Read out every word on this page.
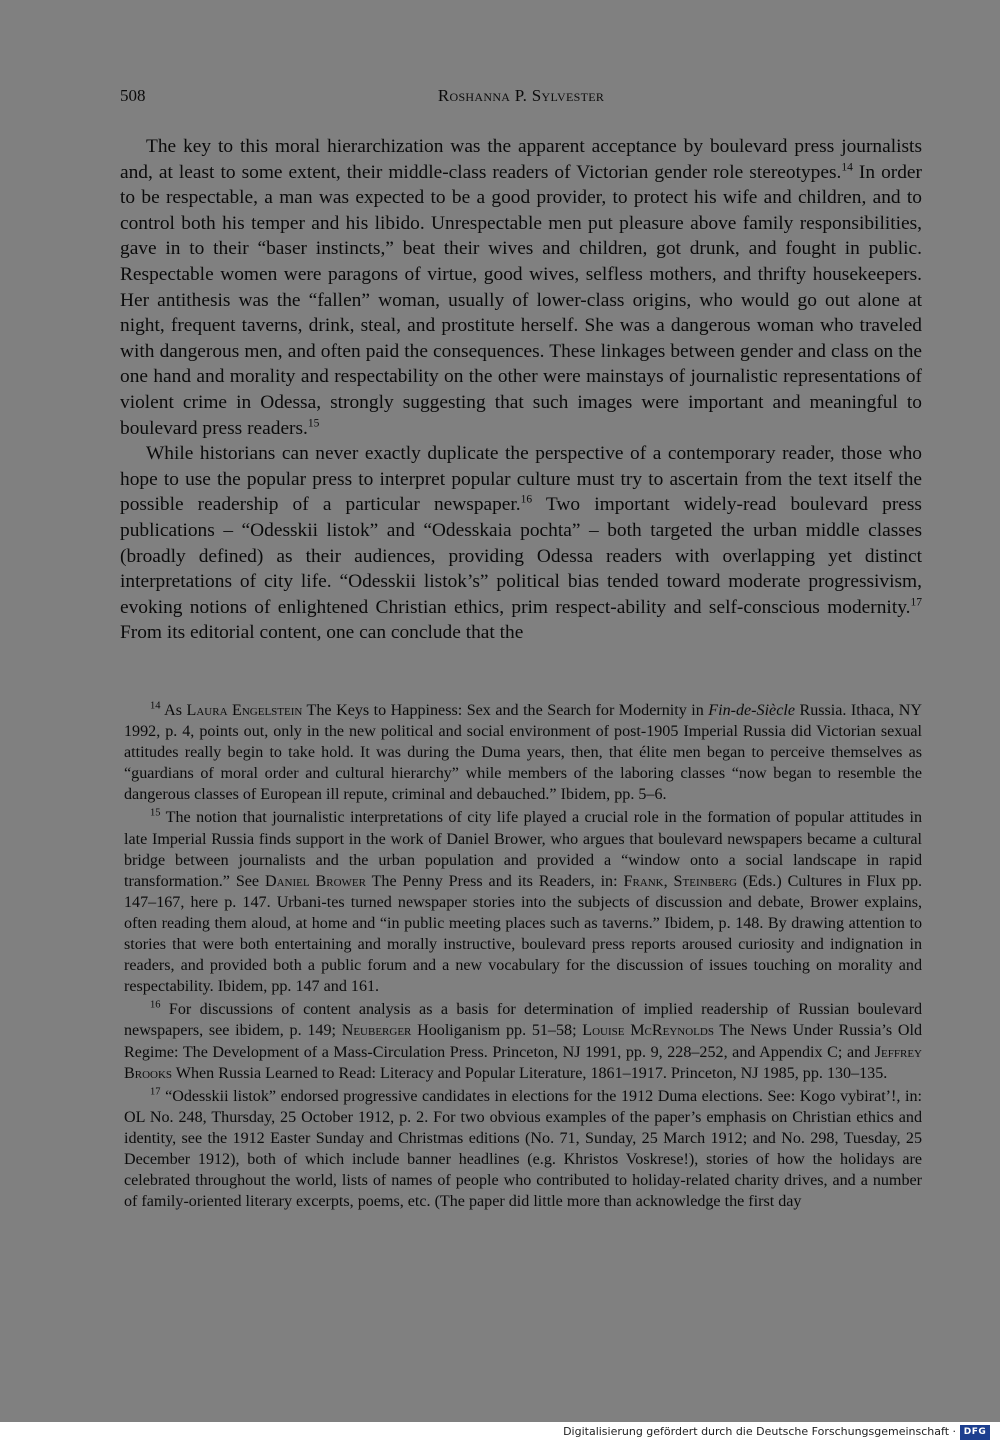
508	Roshanna P. Sylvester

The key to this moral hierarchization was the apparent acceptance by boulevard press journalists and, at least to some extent, their middle-class readers of Victorian gender role stereotypes.$^{14}$ In order to be respectable, a man was expected to be a good provider, to protect his wife and children, and to control both his temper and his libido. Unrespectable men put pleasure above family responsibilities, gave in to their “baser instincts,” beat their wives and children, got drunk, and fought in public. Respectable women were paragons of virtue, good wives, selfless mothers, and thrifty housekeepers. Her antithesis was the “fallen” woman, usually of lower-class origins, who would go out alone at night, frequent taverns, drink, steal, and prostitute herself. She was a dangerous woman who traveled with dangerous men, and often paid the consequences. These linkages between gender and class on the one hand and morality and respectability on the other were mainstays of journalistic representations of violent crime in Odessa, strongly suggesting that such images were important and meaningful to boulevard press readers.$^{15}$

While historians can never exactly duplicate the perspective of a contemporary reader, those who hope to use the popular press to interpret popular culture must try to ascertain from the text itself the possible readership of a particular newspaper.$^{16}$ Two important widely-read boulevard press publications – “Odesskii listok” and “Odesskaia pochta” – both targeted the urban middle classes (broadly defined) as their audiences, providing Odessa readers with overlapping yet distinct interpretations of city life. “Odesskii listok’s” political bias tended toward moderate progressivism, evoking notions of enlightened Christian ethics, prim respect-ability and self-conscious modernity.$^{17}$ From its editorial content, one can conclude that the

$^{14}$ As Laura Engelstein The Keys to Happiness: Sex and the Search for Modernity in Fin-de-Siècle Russia. Ithaca, NY 1992, p. 4, points out, only in the new political and social environment of post-1905 Imperial Russia did Victorian sexual attitudes really begin to take hold. It was during the Duma years, then, that élite men began to perceive themselves as “guardians of moral order and cultural hierarchy” while members of the laboring classes “now began to resemble the dangerous classes of European ill repute, criminal and debauched.” Ibidem, pp. 5–6.

$^{15}$ The notion that journalistic interpretations of city life played a crucial role in the formation of popular attitudes in late Imperial Russia finds support in the work of Daniel Brower, who argues that boulevard newspapers became a cultural bridge between journalists and the urban population and provided a “window onto a social landscape in rapid transformation.” See Daniel Brower The Penny Press and its Readers, in: Frank, Steinberg (Eds.) Cultures in Flux pp. 147–167, here p. 147. Urbani-tes turned newspaper stories into the subjects of discussion and debate, Brower explains, often reading them aloud, at home and “in public meeting places such as taverns.” Ibidem, p. 148. By drawing attention to stories that were both entertaining and morally instructive, boulevard press reports aroused curiosity and indignation in readers, and provided both a public forum and a new vocabulary for the discussion of issues touching on morality and respectability. Ibidem, pp. 147 and 161.

$^{16}$ For discussions of content analysis as a basis for determination of implied readership of Russian boulevard newspapers, see ibidem, p. 149; Neuberger Hooliganism pp. 51–58; Louise McReynolds The News Under Russia’s Old Regime: The Development of a Mass-Circulation Press. Princeton, NJ 1991, pp. 9, 228–252, and Appendix C; and Jeffrey Brooks When Russia Learned to Read: Literacy and Popular Literature, 1861–1917. Princeton, NJ 1985, pp. 130–135.

$^{17}$ “Odesskii listok” endorsed progressive candidates in elections for the 1912 Duma elections. See: Kogo vybirat’!, in: OL No. 248, Thursday, 25 October 1912, p. 2. For two obvious examples of the paper’s emphasis on Christian ethics and identity, see the 1912 Easter Sunday and Christmas editions (No. 71, Sunday, 25 March 1912; and No. 298, Tuesday, 25 December 1912), both of which include banner headlines (e.g. Khristos Voskrese!), stories of how the holidays are celebrated throughout the world, lists of names of people who contributed to holiday-related charity drives, and a number of family-oriented literary excerpts, poems, etc. (The paper did little more than acknowledge the first day

Digitalisierung gefördert durch die Deutsche Forschungsgemeinschaft · DFG
